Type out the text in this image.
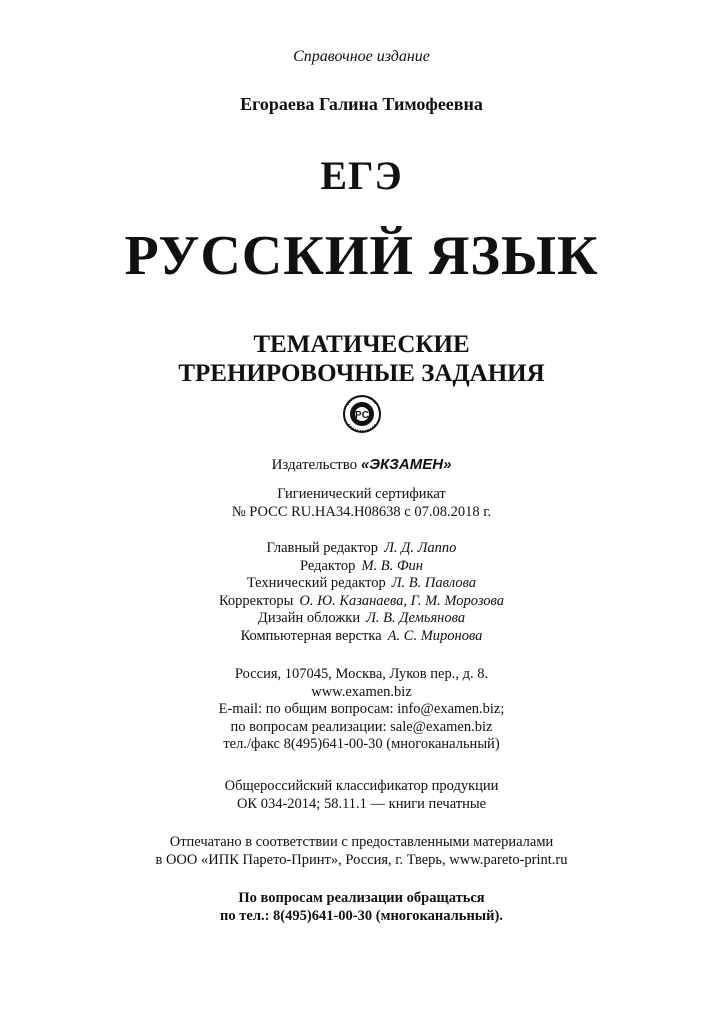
Справочное издание
Егораева Галина Тимофеевна
ЕГЭ
РУССКИЙ ЯЗЫК
ТЕМАТИЧЕСКИЕ
ТРЕНИРОВОЧНЫЕ ЗАДАНИЯ
PC
Издательство «ЭКЗАМЕН»
Гигиенический сертификат
№ РОСС RU.HA34.H08638 с 07.08.2018 г.
Главный редактор Л. Д. Лаппо
Редактор М. В. Фин
Технический редактор Л. В. Павлова
Корректоры О. Ю. Казанаева, Г. М. Морозова
Дизайн обложки Л. В. Демьянова
Компьютерная верстка А. С. Миронова
Россия, 107045, Москва, Луков пер., д. 8.
www.examen.biz
E-mail: по общим вопросам: info@examen.biz;
по вопросам реализации: sale@examen.biz
тел./факс 8(495)641-00-30 (многоканальный)
Общероссийский классификатор продукции
ОК 034-2014; 58.11.1 — книги печатные
Отпечатано в соответствии с предоставленными материалами
в ООО «ИПК Парето-Принт», Россия, г. Тверь, www.pareto-print.ru
По вопросам реализации обращаться
по тел.: 8(495)641-00-30 (многоканальный).
